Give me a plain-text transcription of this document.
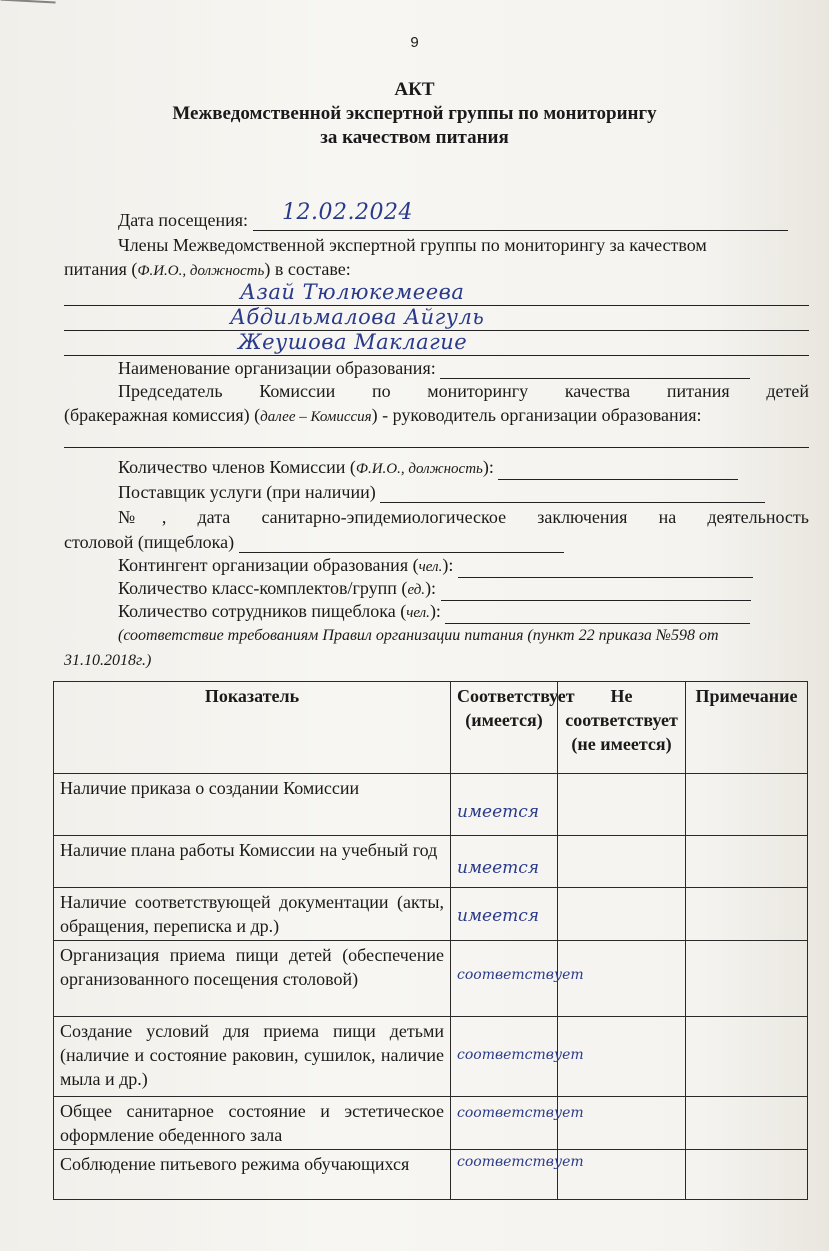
9
АКТ
Межведомственной экспертной группы по мониторингу
за качеством питания
Дата посещения:	12.02.2024
Члены Межведомственной экспертной группы по мониторингу за качеством
питания (Ф.И.О., должность) в составе:
Азай Тюлюкемеева
Абдильмалова Айгуль
Жеушова Маклагие
Наименование организации образования:
Председатель Комиссии по мониторингу качества питания детей
(бракеражная комиссия) (далее – Комиссия) - руководитель организации образования:
Количество членов Комиссии (Ф.И.О., должность):
Поставщик услуги (при наличии)
№, дата санитарно-эпидемиологическое заключения на деятельность
столовой (пищеблока)
Контингент организации образования (чел.):
Количество класс-комплектов/групп (ед.):
Количество сотрудников пищеблока (чел.):
(соответствие требованиям Правил организации питания (пункт 22 приказа №598 от
31.10.2018г.)
Показатель	Соответствует (имеется)	Не соответствует (не имеется)	Примечание
Наличие приказа о создании Комиссии	имеется		

Наличие плана работы Комиссии на учебный год	имеется		

Наличие соответствующей документации (акты, обращения, переписка и др.)	имеется		

Организация приема пищи детей (обеспечение организованного посещения столовой)	соответствует		

Создание условий для приема пищи детьми (наличие и состояние раковин, сушилок, наличие мыла и др.)	соответствует		

Общее санитарное состояние и эстетическое оформление обеденного зала	соответствует		

Соблюдение питьевого режима обучающихся	соответствует		
